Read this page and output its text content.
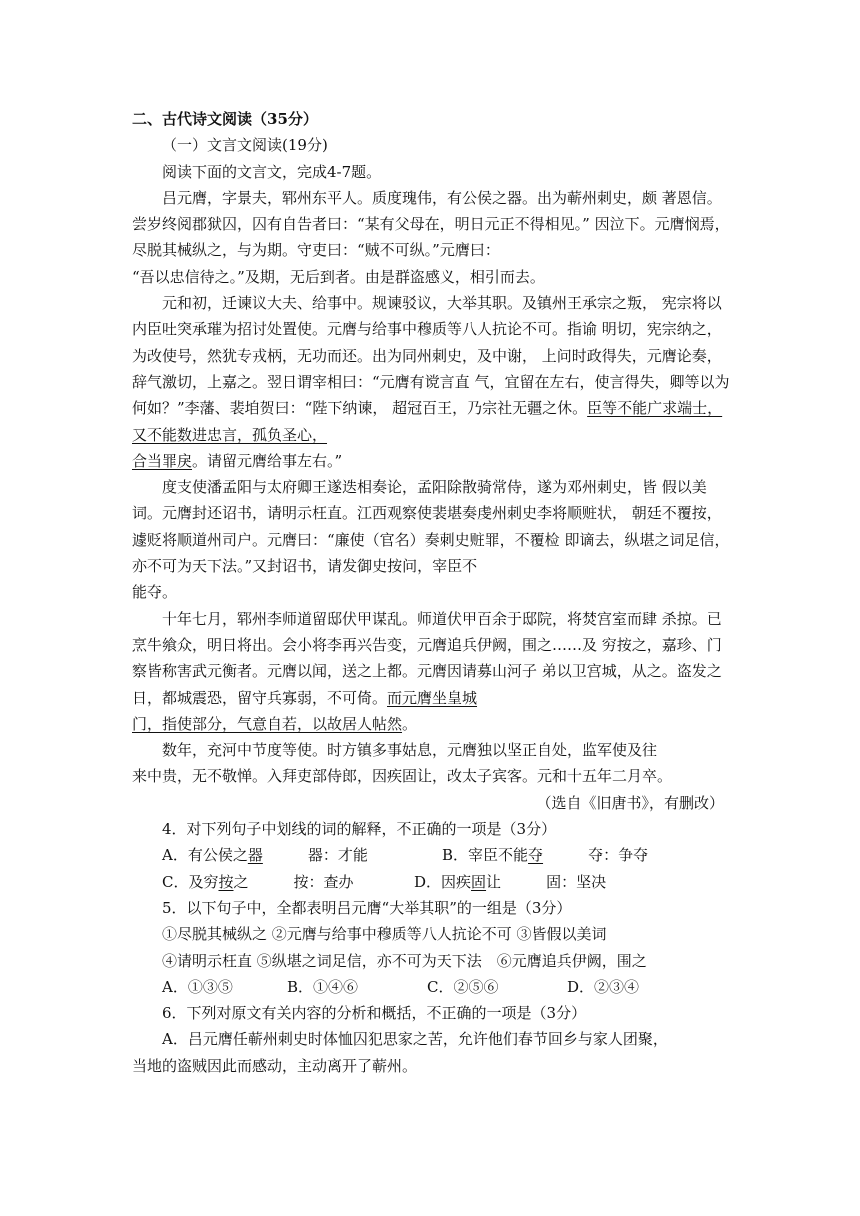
二、古代诗文阅读（35分）
（一）文言文阅读(19分)
阅读下面的文言文，完成4-7题。
吕元膺，字景夫，郓州东平人。质度瑰伟，有公侯之器。出为蕲州刺史，颇 著恩信。尝岁终阅郡狱囚，囚有自告者曰：“某有父母在，明日元正不得相见。” 因泣下。元膺悯焉，尽脱其械纵之，与为期。守吏曰：“贼不可纵。”元膺曰：
“吾以忠信待之。”及期，无后到者。由是群盗感义，相引而去。
元和初，迁谏议大夫、给事中。规谏驳议，大举其职。及镇州王承宗之叛， 宪宗将以内臣吐突承璀为招讨处置使。元膺与给事中穆质等八人抗论不可。指谕 明切，宪宗纳之，为改使号，然犹专戎柄，无功而还。出为同州刺史，及中谢， 上问时政得失，元膺论奏，辞气激切，上嘉之。翌日谓宰相曰：“元膺有谠言直 气，宜留在左右，使言得失，卿等以为何如？”李藩、裴垍贺曰：“陛下纳谏， 超冠百王，乃宗社无疆之休。臣等不能广求端士，又不能数进忠言，孤负圣心，
合当罪戾。请留元膺给事左右。”
度支使潘孟阳与太府卿王遂迭相奏论，孟阳除散骑常侍，遂为邓州刺史，皆 假以美词。元膺封还诏书，请明示枉直。江西观察使裴堪奏虔州刺史李将顺赃状， 朝廷不覆按，遽贬将顺道州司户。元膺曰：“廉使（官名）奏刺史赃罪，不覆检 即谪去，纵堪之词足信，亦不可为天下法。”又封诏书，请发御史按问，宰臣不
能夺。
十年七月，郓州李师道留邸伏甲谋乱。师道伏甲百余于邸院，将焚宫室而肆 杀掠。已烹牛飨众，明日将出。会小将李再兴告变，元膺追兵伊阙，围之……及 穷按之，嘉珍、门察皆称害武元衡者。元膺以闻，送之上都。元膺因请募山河子 弟以卫宫城，从之。盗发之日，都城震恐，留守兵寡弱，不可倚。而元膺坐皇城
门，指使部分，气意自若，以故居人帖然。
数年，充河中节度等使。时方镇多事姑息，元膺独以坚正自处，监军使及往
来中贵，无不敬惮。入拜吏部侍郎，因疾固让，改太子宾客。元和十五年二月卒。
（选自《旧唐书》，有删改）
4．对下列句子中划线的词的解释，不正确的一项是（3分）
A．有公侯之器　　　	器：才能	B．宰臣不能夺　　　	夺：争夺
C．及穷按之　　　	按：查办	D．因疾固让　　　	固：坚决
5．以下句子中，全都表明吕元膺“大举其职”的一组是（3分）
①尽脱其械纵之 ②元膺与给事中穆质等八人抗论不可 ③皆假以美词
④请明示枉直 ⑤纵堪之词足信，亦不可为天下法　⑥元膺追兵伊阙，围之
A．①③⑤	B．①④⑥	C．②⑤⑥	D．②③④
6．下列对原文有关内容的分析和概括，不正确的一项是（3分）
A．吕元膺任蕲州刺史时体恤囚犯思家之苦，允许他们春节回乡与家人团聚，
当地的盗贼因此而感动，主动离开了蕲州。
